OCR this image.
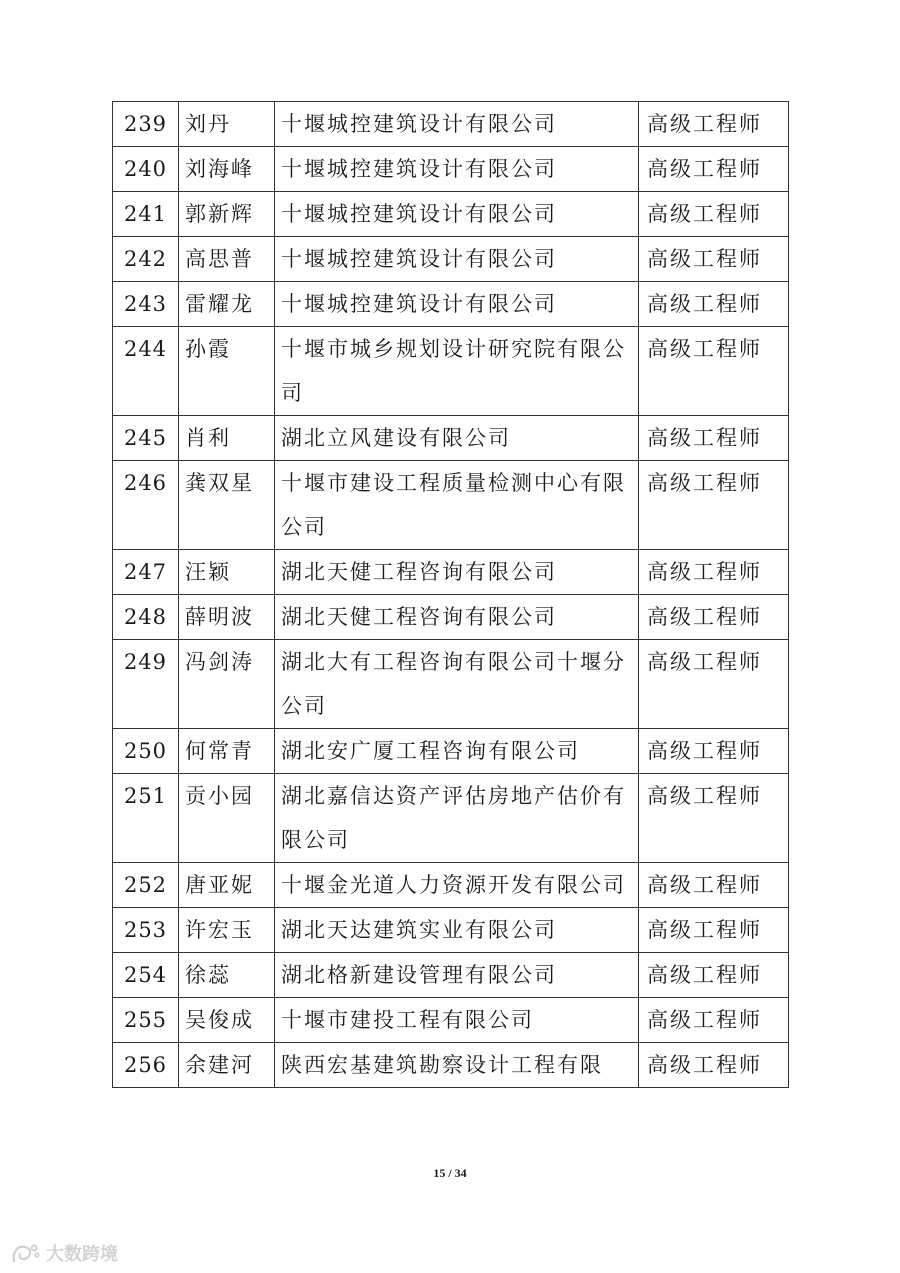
239	刘丹	十堰城控建筑设计有限公司	高级工程师
240	刘海峰	十堰城控建筑设计有限公司	高级工程师
241	郭新辉	十堰城控建筑设计有限公司	高级工程师
242	高思普	十堰城控建筑设计有限公司	高级工程师
243	雷耀龙	十堰城控建筑设计有限公司	高级工程师
244	孙霞	十堰市城乡规划设计研究院有限公司	高级工程师
245	肖利	湖北立风建设有限公司	高级工程师
246	龚双星	十堰市建设工程质量检测中心有限公司	高级工程师
247	汪颖	湖北天健工程咨询有限公司	高级工程师
248	薛明波	湖北天健工程咨询有限公司	高级工程师
249	冯剑涛	湖北大有工程咨询有限公司十堰分公司	高级工程师
250	何常青	湖北安广厦工程咨询有限公司	高级工程师
251	贡小园	湖北嘉信达资产评估房地产估价有限公司	高级工程师
252	唐亚妮	十堰金光道人力资源开发有限公司	高级工程师
253	许宏玉	湖北天达建筑实业有限公司	高级工程师
254	徐蕊	湖北格新建设管理有限公司	高级工程师
255	吴俊成	十堰市建投工程有限公司	高级工程师
256	余建河	陕西宏基建筑勘察设计工程有限	高级工程师
15 / 34
大数跨境
